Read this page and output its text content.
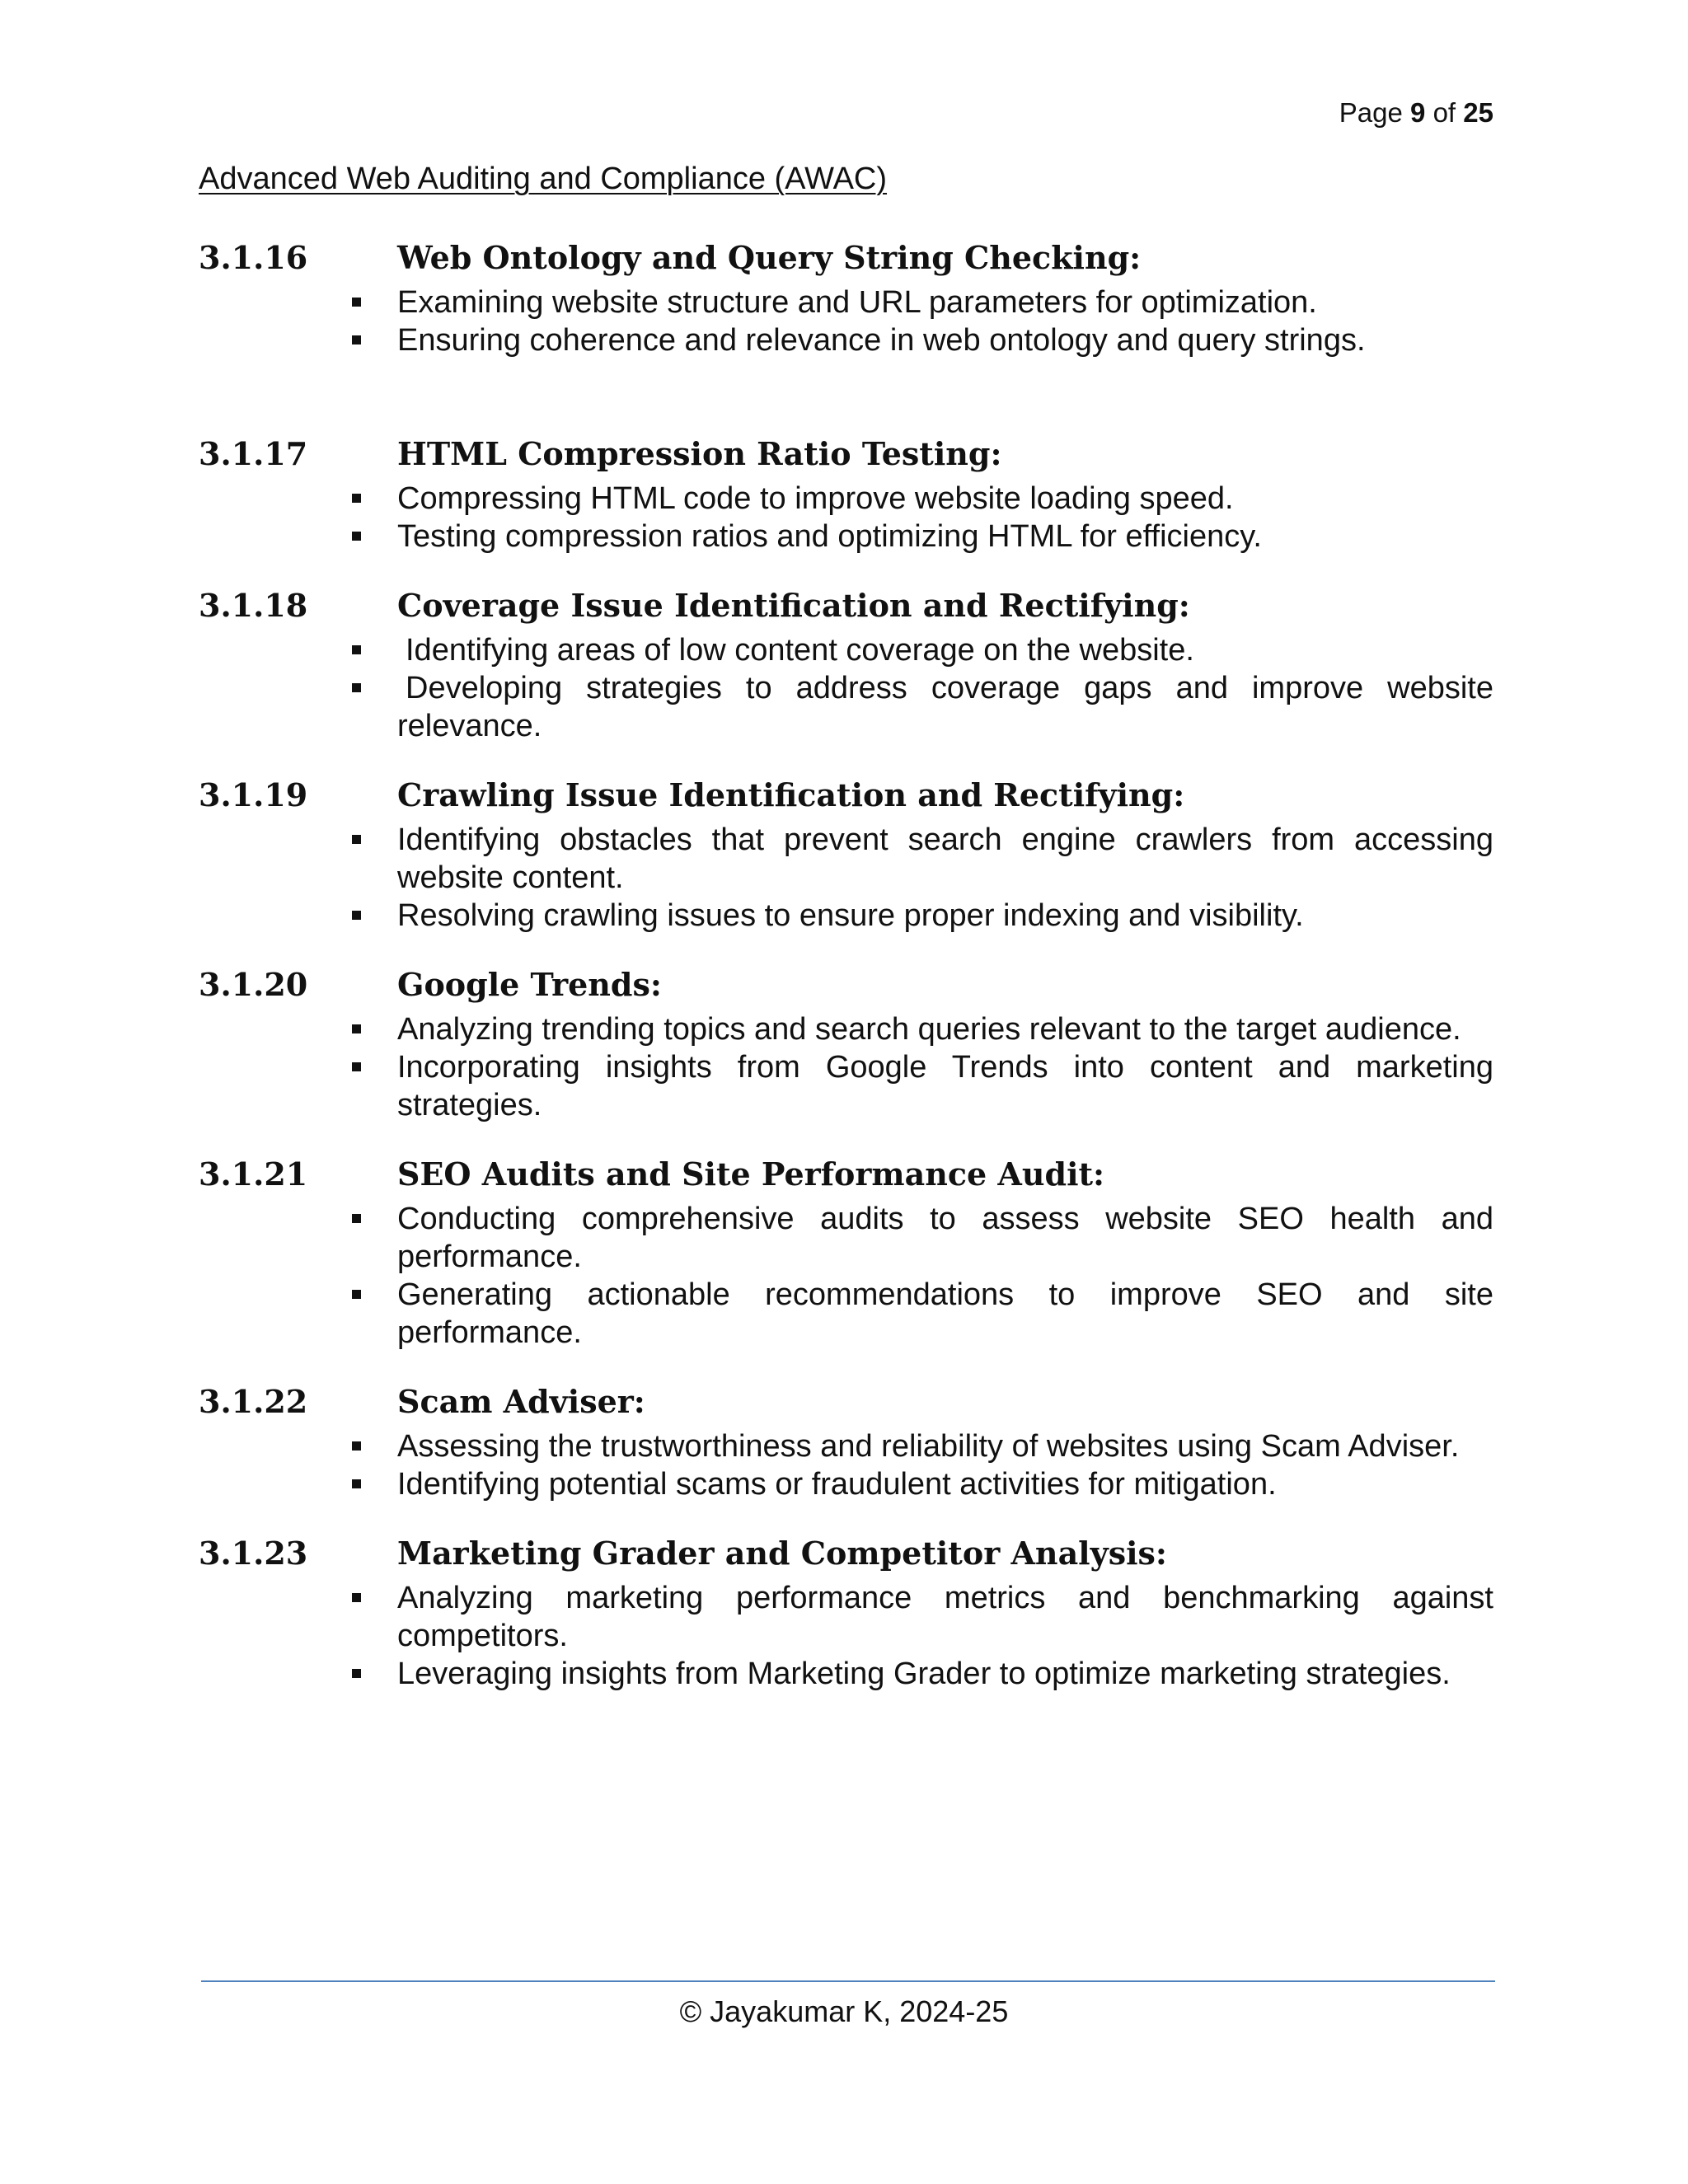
Page 9 of 25
Advanced Web Auditing and Compliance (AWAC)
3.1.16	Web Ontology and Query String Checking:
Examining website structure and URL parameters for optimization.
Ensuring coherence and relevance in web ontology and query strings.
3.1.17	HTML Compression Ratio Testing:
Compressing HTML code to improve website loading speed.
Testing compression ratios and optimizing HTML for efficiency.
3.1.18	Coverage Issue Identification and Rectifying:
Identifying areas of low content coverage on the website.
Developing strategies to address coverage gaps and improve website relevance.
3.1.19	Crawling Issue Identification and Rectifying:
Identifying obstacles that prevent search engine crawlers from accessing website content.
Resolving crawling issues to ensure proper indexing and visibility.
3.1.20	Google Trends:
Analyzing trending topics and search queries relevant to the target audience.
Incorporating insights from Google Trends into content and marketing strategies.
3.1.21	SEO Audits and Site Performance Audit:
Conducting comprehensive audits to assess website SEO health and performance.
Generating actionable recommendations to improve SEO and site performance.
3.1.22	Scam Adviser:
Assessing the trustworthiness and reliability of websites using Scam Adviser.
Identifying potential scams or fraudulent activities for mitigation.
3.1.23	Marketing Grader and Competitor Analysis:
Analyzing marketing performance metrics and benchmarking against competitors.
Leveraging insights from Marketing Grader to optimize marketing strategies.
© Jayakumar K, 2024-25
